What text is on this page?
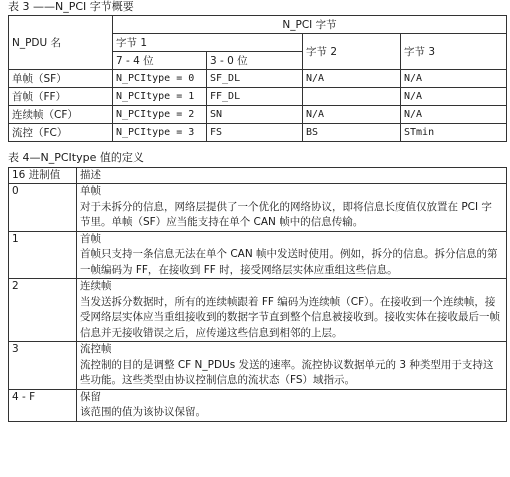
表 3 ——N_PCI 字节概要
N_PDU 名	N_PCI 字节			
	字节 1		字节 2	字节 3
	7 - 4 位	3 - 0 位		
单帧（SF）	N_PCItype = 0	SF_DL	N/A	N/A
首帧（FF）	N_PCItype = 1	FF_DL		N/A
连续帧（CF）	N_PCItype = 2	SN	N/A	N/A
流控（FC）	N_PCItype = 3	FS	BS	STmin
表 4—N_PCItype 值的定义
16 进制值	描述
0	单帧
对于未拆分的信息，网络层提供了一个优化的网络协议，即将信息长度值仅放置在 PCI 字节里。单帧（SF）应当能支持在单个 CAN 帧中的信息传输。

1	首帧
首帧只支持一条信息无法在单个 CAN 帧中发送时使用。例如，拆分的信息。拆分信息的第一帧编码为 FF，在接收到 FF 时，接受网络层实体应重组这些信息。

2	连续帧
当发送拆分数据时，所有的连续帧跟着 FF 编码为连续帧（CF）。在接收到一个连续帧，接受网络层实体应当重组接收到的数据字节直到整个信息被接收到。接收实体在接收最后一帧信息并无接收错误之后，应传递这些信息到相邻的上层。

3	流控帧
流控制的目的是调整 CF N_PDUs 发送的速率。流控协议数据单元的 3 种类型用于支持这些功能。这些类型由协议控制信息的流状态（FS）域指示。

4 - F	保留
该范围的值为该协议保留。
